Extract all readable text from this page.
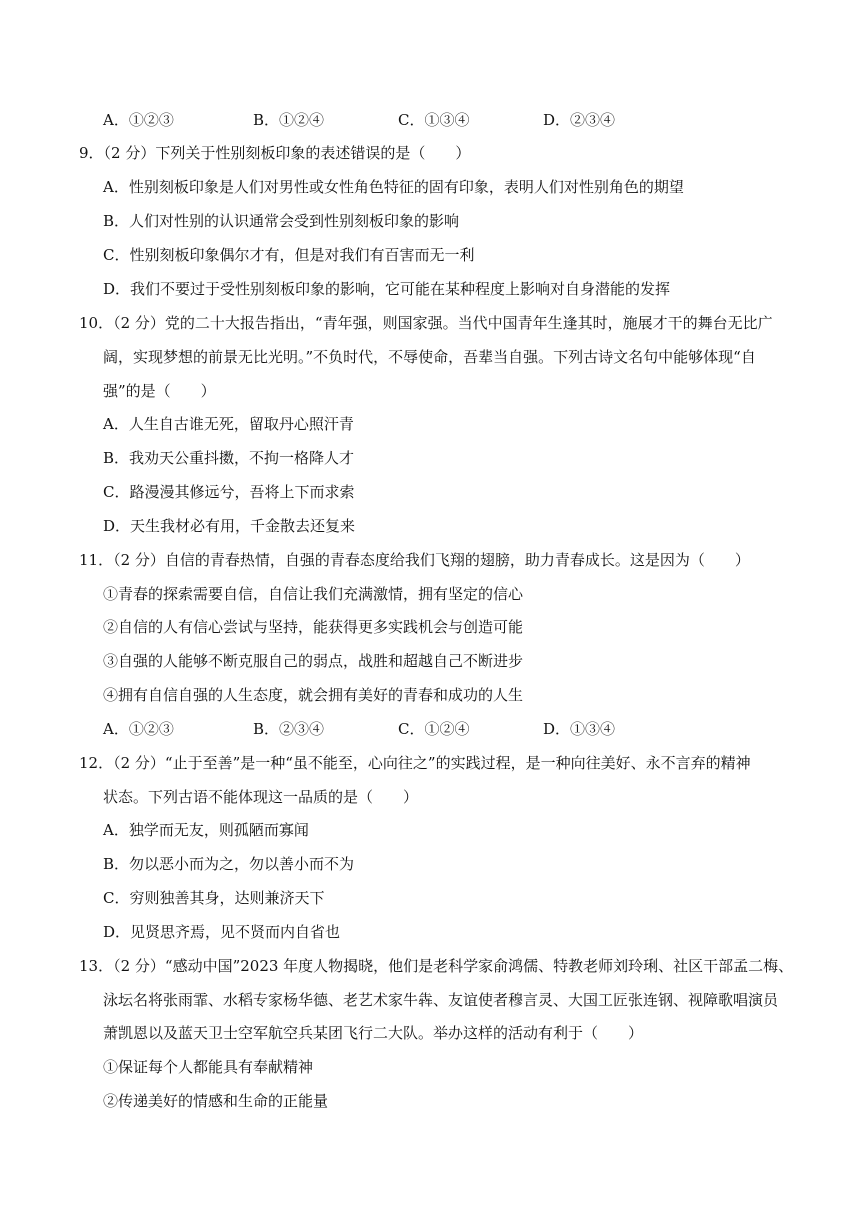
A．①②③	B．①②④	C．①③④	D．②③④
9．（2 分）下列关于性别刻板印象的表述错误的是（　　）
A．性别刻板印象是人们对男性或女性角色特征的固有印象，表明人们对性别角色的期望
B．人们对性别的认识通常会受到性别刻板印象的影响
C．性别刻板印象偶尔才有，但是对我们有百害而无一利
D．我们不要过于受性别刻板印象的影响，它可能在某种程度上影响对自身潜能的发挥
10．（2 分）党的二十大报告指出，“青年强，则国家强。当代中国青年生逢其时，施展才干的舞台无比广
阔，实现梦想的前景无比光明。”不负时代，不辱使命，吾辈当自强。下列古诗文名句中能够体现“自
强”的是（　　）
A．人生自古谁无死，留取丹心照汗青
B．我劝天公重抖擞，不拘一格降人才
C．路漫漫其修远兮，吾将上下而求索
D．天生我材必有用，千金散去还复来
11．（2 分）自信的青春热情，自强的青春态度给我们飞翔的翅膀，助力青春成长。这是因为（　　）
①青春的探索需要自信，自信让我们充满激情，拥有坚定的信心
②自信的人有信心尝试与坚持，能获得更多实践机会与创造可能
③自强的人能够不断克服自己的弱点，战胜和超越自己不断进步
④拥有自信自强的人生态度，就会拥有美好的青春和成功的人生
A．①②③	B．②③④	C．①②④	D．①③④
12．（2 分）“止于至善”是一种“虽不能至，心向往之”的实践过程，是一种向往美好、永不言弃的精神
状态。下列古语不能体现这一品质的是（　　）
A．独学而无友，则孤陋而寡闻
B．勿以恶小而为之，勿以善小而不为
C．穷则独善其身，达则兼济天下
D．见贤思齐焉，见不贤而内自省也
13．（2 分）“感动中国”2023 年度人物揭晓，他们是老科学家俞鸿儒、特教老师刘玲琍、社区干部孟二梅、
泳坛名将张雨霏、水稻专家杨华德、老艺术家牛犇、友谊使者穆言灵、大国工匠张连钢、视障歌唱演员
萧凯恩以及蓝天卫士空军航空兵某团飞行二大队。举办这样的活动有利于（　　）
①保证每个人都能具有奉献精神
②传递美好的情感和生命的正能量
